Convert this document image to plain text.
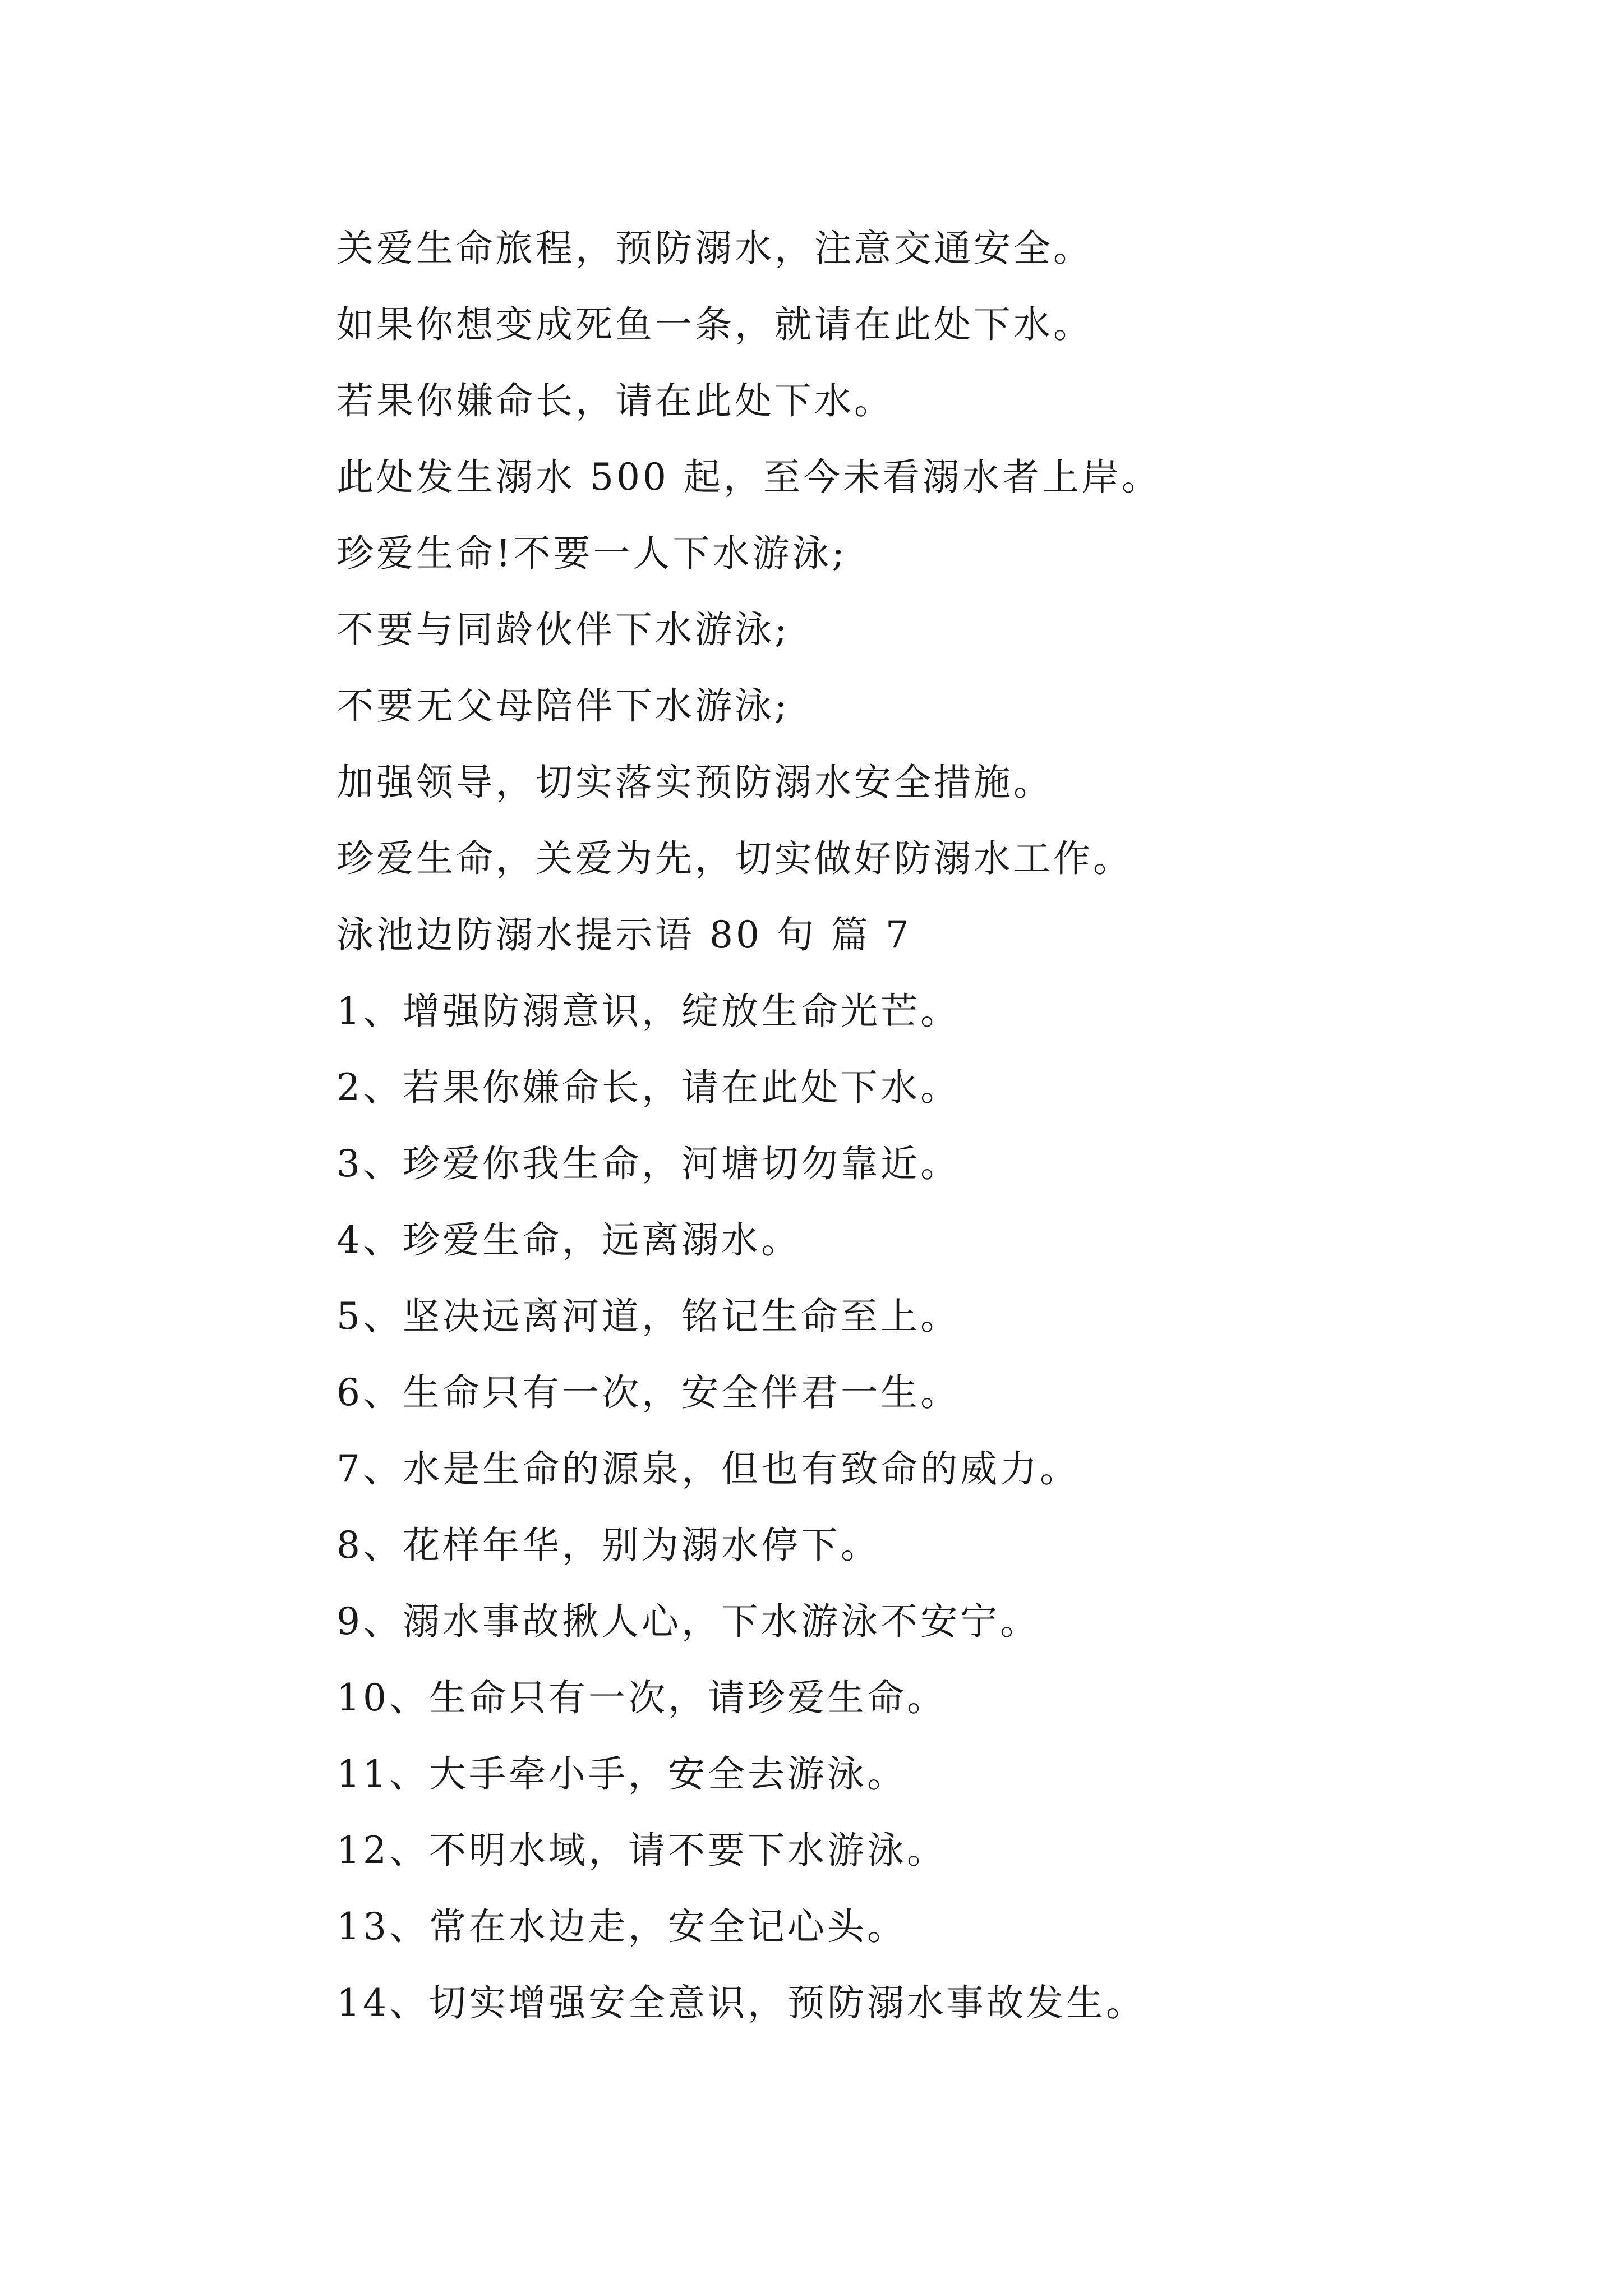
关爱生命旅程，预防溺水，注意交通安全。
如果你想变成死鱼一条，就请在此处下水。
若果你嫌命长，请在此处下水。
此处发生溺水 500 起，至今未看溺水者上岸。
珍爱生命!不要一人下水游泳;
不要与同龄伙伴下水游泳;
不要无父母陪伴下水游泳;
加强领导，切实落实预防溺水安全措施。
珍爱生命，关爱为先，切实做好防溺水工作。
泳池边防溺水提示语 80 句 篇 7
1、增强防溺意识，绽放生命光芒。
2、若果你嫌命长，请在此处下水。
3、珍爱你我生命，河塘切勿靠近。
4、珍爱生命，远离溺水。
5、坚决远离河道，铭记生命至上。
6、生命只有一次，安全伴君一生。
7、水是生命的源泉，但也有致命的威力。
8、花样年华，别为溺水停下。
9、溺水事故揪人心，下水游泳不安宁。
10、生命只有一次，请珍爱生命。
11、大手牵小手，安全去游泳。
12、不明水域，请不要下水游泳。
13、常在水边走，安全记心头。
14、切实增强安全意识，预防溺水事故发生。
